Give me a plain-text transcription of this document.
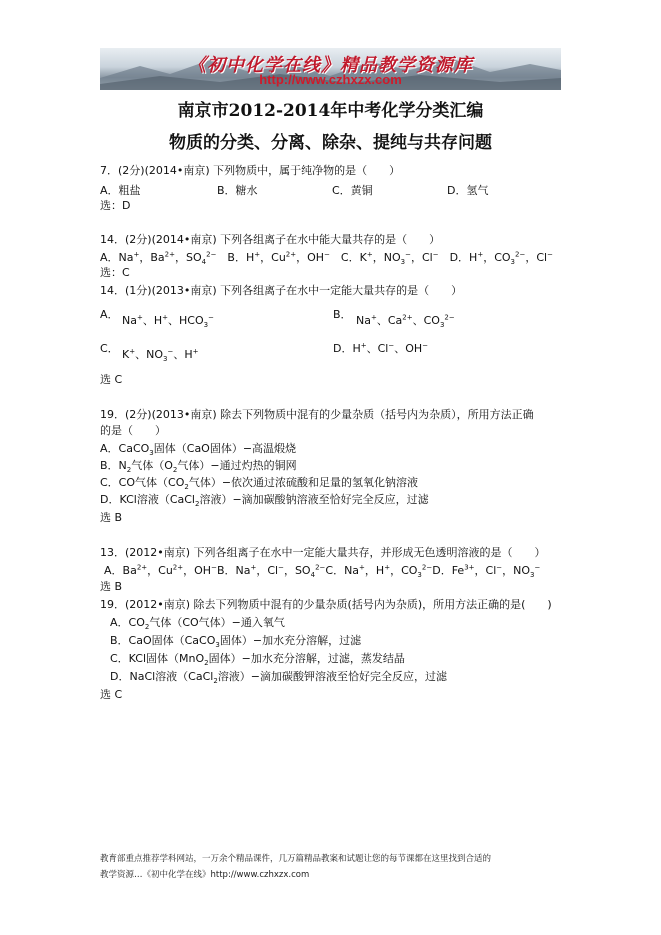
《初中化学在线》精品教学资源库
http://www.czhxzx.com
南京市2012-2014年中考化学分类汇编
物质的分类、分离、除杂、提纯与共存问题
7．(2分)(2014•南京) 下列物质中，属于纯净物的是（　　）
A．粗盐	B．糖水	C．黄铜	D．氢气
选：D
14．(2分)(2014•南京) 下列各组离子在水中能大量共存的是（　　）
A．Na+，$Ba^{2+}$，$SO_4^{2-}$　B．H+，$Cu^{2+}$，OH−　C．K+，$NO_3^-$，Cl−　D．H+，$CO_3^{2-}$，Cl−
选：C
14．(1分)(2013•南京) 下列各组离子在水中一定能大量共存的是（　　）
A． Na+、H+、$HCO_3^-$	B． Na+、$Ca^{2+}$、$CO_3^{2-}$
C． K+、$NO_3^-$、H+	D．H+、Cl−、OH−
选 C
19．(2分)(2013•南京) 除去下列物质中混有的少量杂质（括号内为杂质），所用方法正确
的是（　　）
A．CaCO$_3$固体（CaO固体）−高温煅烧
B．$N_2$气体（$O_2$气体）−通过灼热的铜网
C．CO气体（$CO_2$气体）−依次通过浓硫酸和足量的氢氧化钠溶液
D．KCl溶液（CaCl$_2$溶液）−滴加碳酸钠溶液至恰好完全反应，过滤
选 B
13．(2012•南京) 下列各组离子在水中一定能大量共存，并形成无色透明溶液的是（　　）
A．$Ba^{2+}$，$Cu^{2+}$，OH−B．Na+，Cl−，$SO_4^{2-}C$．Na+，H+，$CO_3^{2-}D$．$Fe^{3+}$，Cl−，$NO_3^-$
选 B
19．(2012•南京) 除去下列物质中混有的少量杂质(括号内为杂质)，所用方法正确的是(　　)
A．$CO_2$气体（CO气体）−通入氧气
B．CaO固体（CaCO$_3$固体）−加水充分溶解，过滤
C．KCl固体（MnO$_2$固体）−加水充分溶解，过滤，蒸发结晶
D．NaCl溶液（CaCl$_2$溶液）−滴加碳酸钾溶液至恰好完全反应，过滤
选 C
教育部重点推荐学科网站，一万余个精品课件，几万篇精品教案和试题让您的每节课都在这里找到合适的
教学资源…《初中化学在线》http://www.czhxzx.com
